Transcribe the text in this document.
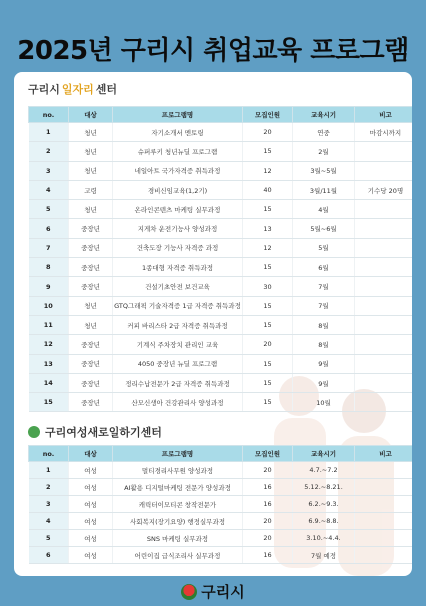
2025년 구리시 취업교육 프로그램
구리시 일자리 센터
no.	대상	프로그램명	모집인원	교육시기	비고
1	청년	자기소개서 멘토링	20	연중	마감시까지
2	청년	슈퍼루키 청년뉴딜 프로그램	15	2월	
3	청년	네일아트 국가자격증 취득과정	12	3월~5월	
4	고령	경비신임교육(1,2기)	40	3월/11월	기수당 20명
5	청년	온라인콘텐츠 마케팅 실무과정	15	4월	
6	중장년	지게차 운전기능사 양성과정	13	5월~6월	
7	중장년	건축도장 기능사 자격증 과정	12	5월	
8	중장년	1종대형 자격증 취득과정	15	6월	
9	중장년	건설기초안전 보건교육	30	7월	
10	청년	GTQ그래픽 기술자격증 1급 자격증 취득과정	15	7월	
11	청년	커피 바리스타 2급 자격증 취득과정	15	8월	
12	중장년	기계식 주차장치 관리인 교육	20	8월	
13	중장년	4050 중장년 뉴딜 프로그램	15	9월	
14	중장년	정리수납전문가 2급 자격증 취득과정	15	9월	
15	중장년	산모신생아 건강관리사 양성과정	15	10월	
구리여성새로일하기센터
no.	대상	프로그램명	모집인원	교육시기	비고
1	여성	멀티경리사무원 양성과정	20	4.7.~7.2	
2	여성	AI활용 디지털마케팅 전문가 양성과정	16	5.12.~8.21.	
3	여성	캐릭터이모티콘 창작전문가	16	6.2.~9.3.	
4	여성	사회복지(장기요양) 행정실무과정	20	6.9.~8.8.	
5	여성	SNS 마케팅 실무과정	20	3.10.~4.4.	
6	여성	어린이집 급식조리사 실무과정	16	7월 예정	
구리시
